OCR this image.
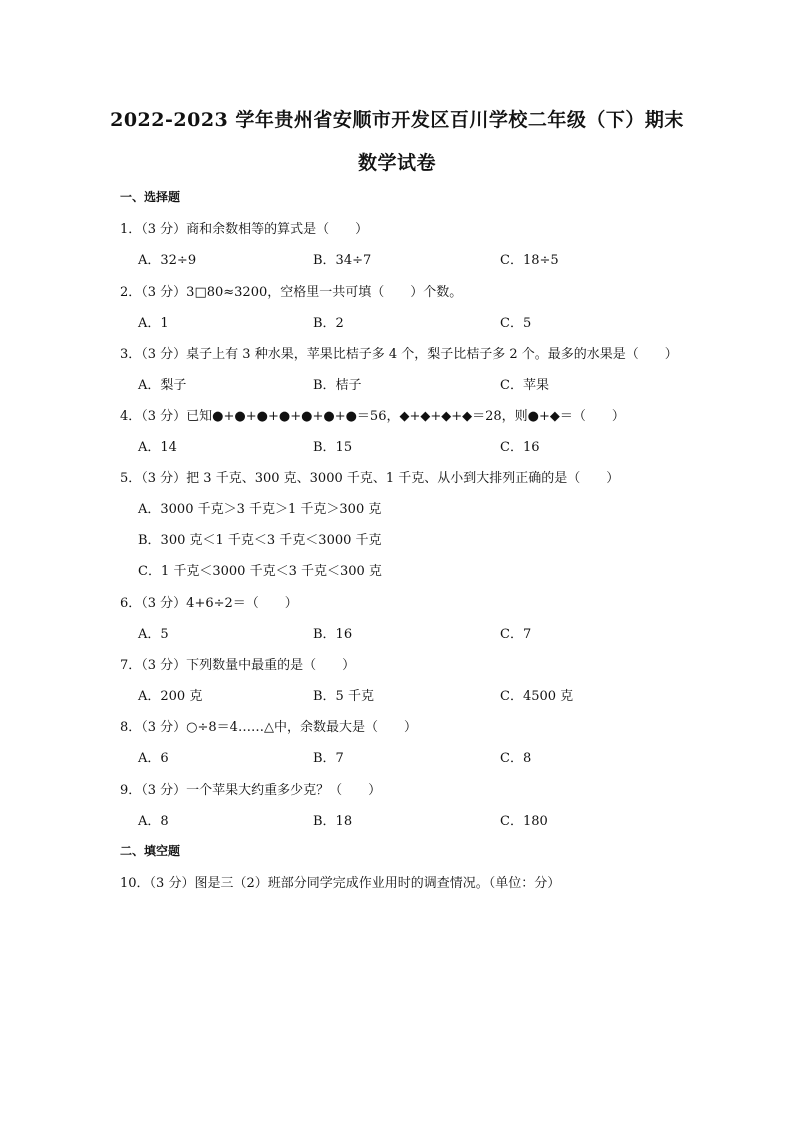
2022-2023 学年贵州省安顺市开发区百川学校二年级（下）期末
数学试卷
一、选择题
1．（3 分）商和余数相等的算式是（　　）
A．32÷9	B．34÷7	C．18÷5
2．（3 分）3□80≈3200，空格里一共可填（　　）个数。
A．1	B．2	C．5
3．（3 分）桌子上有 3 种水果，苹果比桔子多 4 个，梨子比桔子多 2 个。最多的水果是（　　）
A．梨子	B．桔子	C．苹果
4．（3 分）已知●+●+●+●+●+●+●＝56，◆+◆+◆+◆＝28，则●+◆＝（　　）
A．14	B．15	C．16
5．（3 分）把 3 千克、300 克、3000 千克、1 千克、从小到大排列正确的是（　　）
A．3000 千克＞3 千克＞1 千克＞300 克
B．300 克＜1 千克＜3 千克＜3000 千克
C．1 千克＜3000 千克＜3 千克＜300 克
6．（3 分）4+6÷2＝（　　）
A．5	B．16	C．7
7．（3 分）下列数量中最重的是（　　）
A．200 克	B．5 千克	C．4500 克
8．（3 分）○÷8＝4……△中，余数最大是（　　）
A．6	B．7	C．8
9．（3 分）一个苹果大约重多少克？（　　）
A．8	B．18	C．180
二、填空题
10．（3 分）图是三（2）班部分同学完成作业用时的调查情况。（单位：分）
